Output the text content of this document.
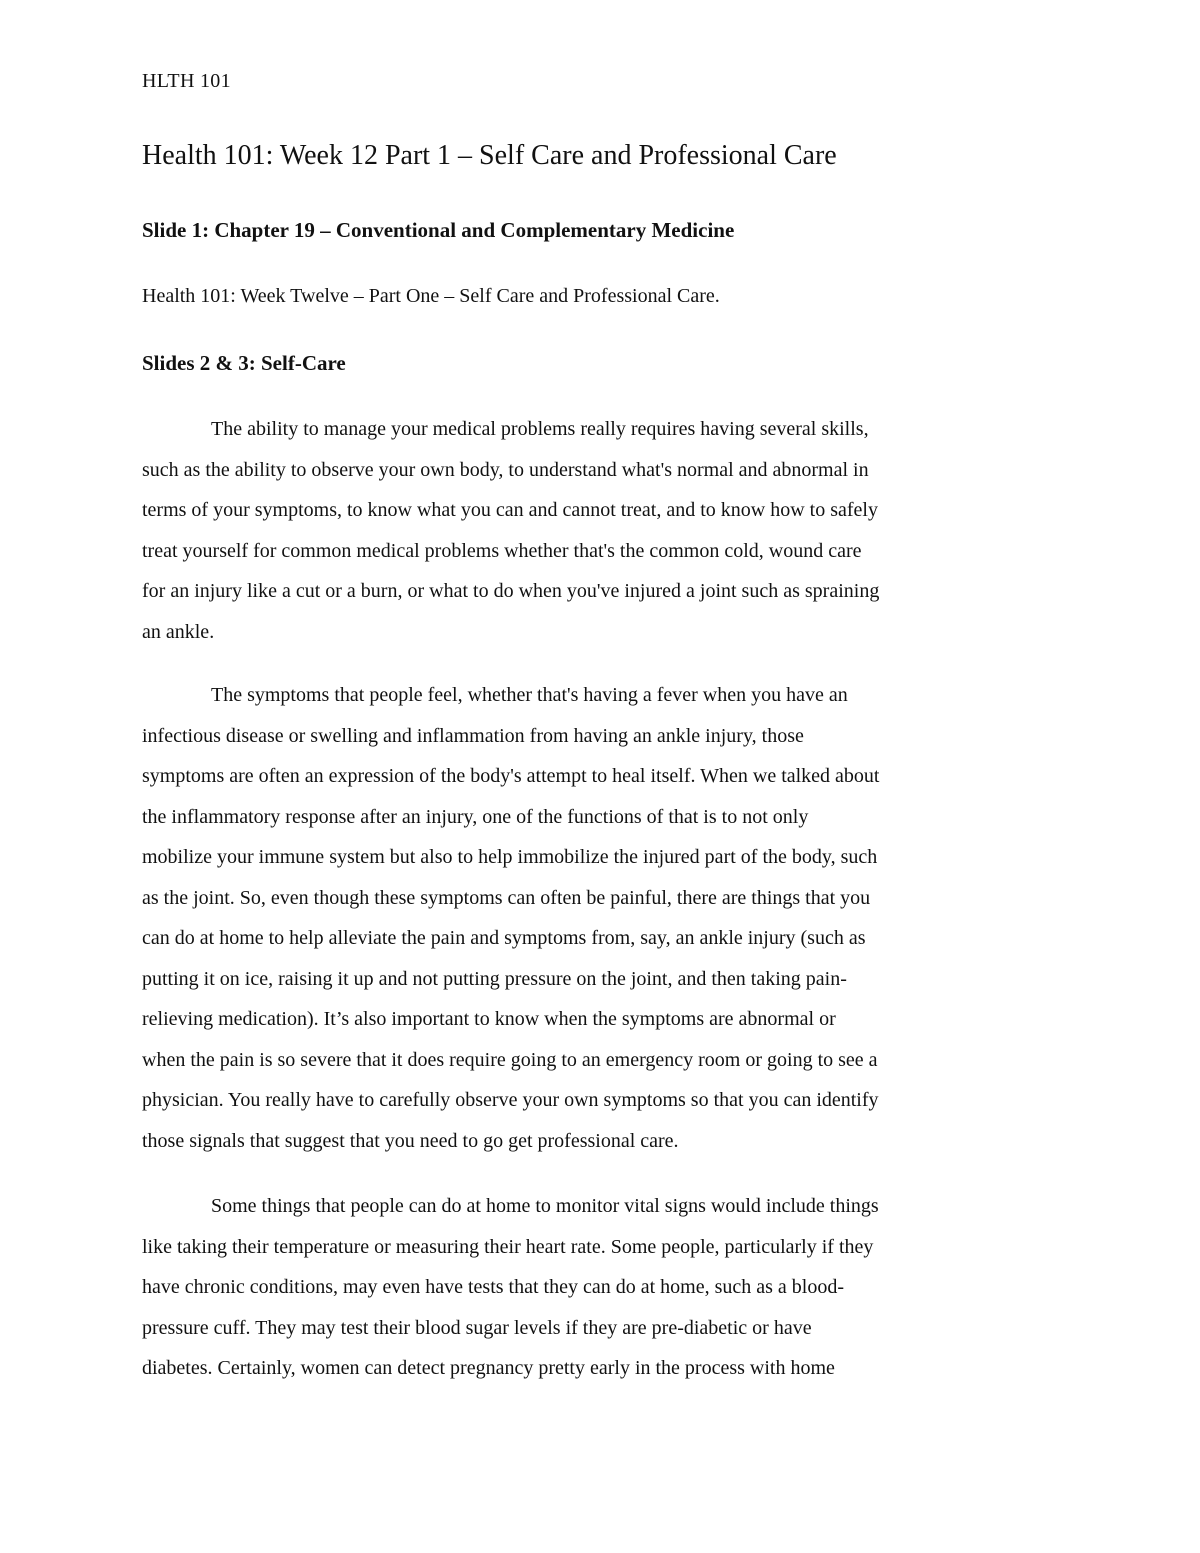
HLTH 101
Health 101: Week 12 Part 1 – Self Care and Professional Care
Slide 1: Chapter 19 – Conventional and Complementary Medicine
Health 101: Week Twelve – Part One – Self Care and Professional Care.
Slides 2 & 3: Self-Care

The ability to manage your medical problems really requires having several skills,
such as the ability to observe your own body, to understand what's normal and abnormal in
terms of your symptoms, to know what you can and cannot treat, and to know how to safely
treat yourself for common medical problems whether that's the common cold, wound care
for an injury like a cut or a burn, or what to do when you've injured a joint such as spraining
an ankle.

The symptoms that people feel, whether that's having a fever when you have an
infectious disease or swelling and inflammation from having an ankle injury, those
symptoms are often an expression of the body's attempt to heal itself. When we talked about
the inflammatory response after an injury, one of the functions of that is to not only
mobilize your immune system but also to help immobilize the injured part of the body, such
as the joint. So, even though these symptoms can often be painful, there are things that you
can do at home to help alleviate the pain and symptoms from, say, an ankle injury (such as
putting it on ice, raising it up and not putting pressure on the joint, and then taking pain-
relieving medication). It’s also important to know when the symptoms are abnormal or
when the pain is so severe that it does require going to an emergency room or going to see a
physician. You really have to carefully observe your own symptoms so that you can identify
those signals that suggest that you need to go get professional care.

Some things that people can do at home to monitor vital signs would include things
like taking their temperature or measuring their heart rate. Some people, particularly if they
have chronic conditions, may even have tests that they can do at home, such as a blood-
pressure cuff. They may test their blood sugar levels if they are pre-diabetic or have
diabetes. Certainly, women can detect pregnancy pretty early in the process with home
